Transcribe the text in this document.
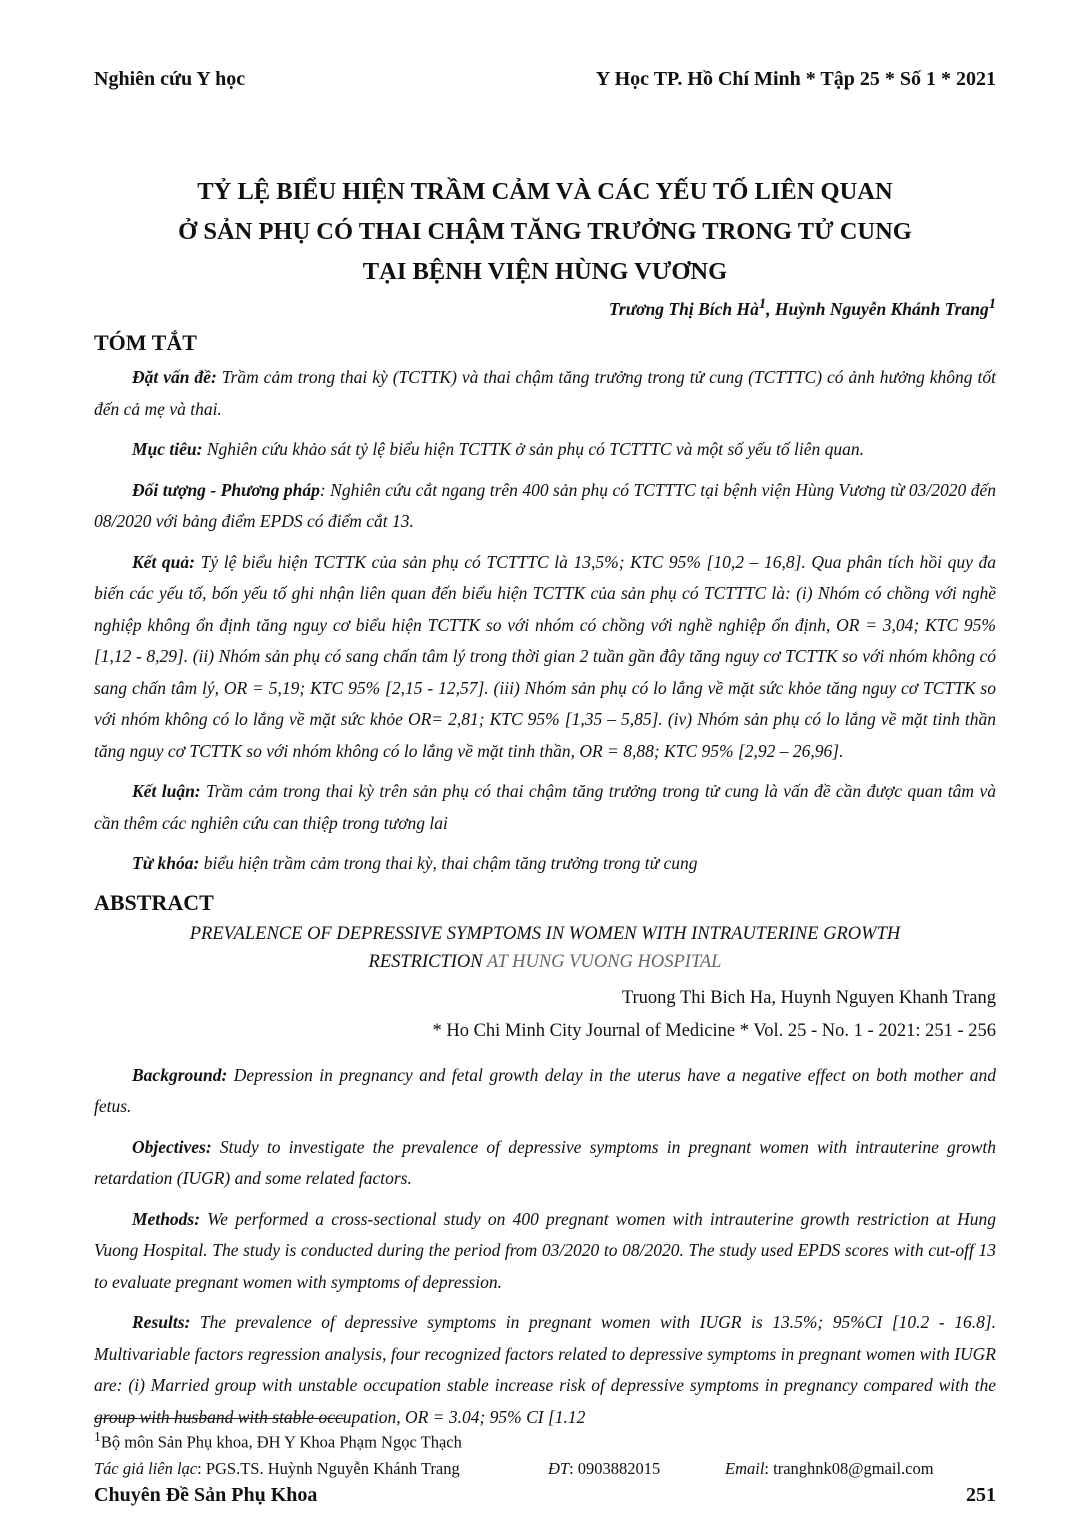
Nghiên cứu Y học	Y Học TP. Hồ Chí Minh * Tập 25 * Số 1 * 2021
TỶ LỆ BIỂU HIỆN TRẦM CẢM VÀ CÁC YẾU TỐ LIÊN QUAN
Ở SẢN PHỤ CÓ THAI CHẬM TĂNG TRƯỞNG TRONG TỬ CUNG
TẠI BỆNH VIỆN HÙNG VƯƠNG
Trương Thị Bích $Hà^1$, Huỳnh Nguyễn Khánh Trang$^1$
TÓM TẮT

Đặt vấn đề: Trầm cảm trong thai kỳ (TCTTK) và thai chậm tăng trưởng trong tử cung (TCTTTC) có ảnh hưởng không tốt đến cả mẹ và thai.

Mục tiêu: Nghiên cứu khảo sát tỷ lệ biểu hiện TCTTK ở sản phụ có TCTTTC và một số yếu tố liên quan.

Đối tượng - Phương pháp: Nghiên cứu cắt ngang trên 400 sản phụ có TCTTTC tại bệnh viện Hùng Vương từ 03/2020 đến 08/2020 với bảng điểm EPDS có điểm cắt 13.

Kết quả: Tỷ lệ biểu hiện TCTTK của sản phụ có TCTTTC là 13,5%; KTC 95% [10,2 – 16,8]. Qua phân tích hồi quy đa biến các yếu tố, bốn yếu tố ghi nhận liên quan đến biểu hiện TCTTK của sản phụ có TCTTTC là: (i) Nhóm có chồng với nghề nghiệp không ổn định tăng nguy cơ biểu hiện TCTTK so với nhóm có chồng với nghề nghiệp ổn định, OR = 3,04; KTC 95% [1,12 - 8,29]. (ii) Nhóm sản phụ có sang chấn tâm lý trong thời gian 2 tuần gần đây tăng nguy cơ TCTTK so với nhóm không có sang chấn tâm lý, OR = 5,19; KTC 95% [2,15 - 12,57]. (iii) Nhóm sản phụ có lo lắng về mặt sức khỏe tăng nguy cơ TCTTK so với nhóm không có lo lắng về mặt sức khỏe OR= 2,81; KTC 95% [1,35 – 5,85]. (iv) Nhóm sản phụ có lo lắng về mặt tinh thần tăng nguy cơ TCTTK so với nhóm không có lo lắng về mặt tinh thần, OR = 8,88; KTC 95% [2,92 – 26,96].

Kết luận: Trầm cảm trong thai kỳ trên sản phụ có thai chậm tăng trưởng trong tử cung là vấn đề cần được quan tâm và cần thêm các nghiên cứu can thiệp trong tương lai

Từ khóa: biểu hiện trầm cảm trong thai kỳ, thai chậm tăng trưởng trong tử cung

ABSTRACT
PREVALENCE OF DEPRESSIVE SYMPTOMS IN WOMEN WITH INTRAUTERINE GROWTH RESTRICTION AT HUNG VUONG HOSPITAL
Truong Thi Bich Ha, Huynh Nguyen Khanh Trang
* Ho Chi Minh City Journal of Medicine * Vol. 25 - No. 1 - 2021: 251 - 256

Background: Depression in pregnancy and fetal growth delay in the uterus have a negative effect on both mother and fetus.

Objectives: Study to investigate the prevalence of depressive symptoms in pregnant women with intrauterine growth retardation (IUGR) and some related factors.

Methods: We performed a cross-sectional study on 400 pregnant women with intrauterine growth restriction at Hung Vuong Hospital. The study is conducted during the period from 03/2020 to 08/2020. The study used EPDS scores with cut-off 13 to evaluate pregnant women with symptoms of depression.

Results: The prevalence of depressive symptoms in pregnant women with IUGR is 13.5%; 95%CI [10.2 - 16.8]. Multivariable factors regression analysis, four recognized factors related to depressive symptoms in pregnant women with IUGR are: (i) Married group with unstable occupation stable increase risk of depressive symptoms in pregnancy compared with the group with husband with stable occupation, OR = 3.04; 95% CI [1.12

$^1$Bộ môn Sản Phụ khoa, ĐH Y Khoa Phạm Ngọc Thạch
Tác giả liên lạc: PGS.TS. Huỳnh Nguyễn Khánh Trang	ĐT: 0903882015	Email: tranghnk08@gmail.com
Chuyên Đề Sản Phụ Khoa	251
